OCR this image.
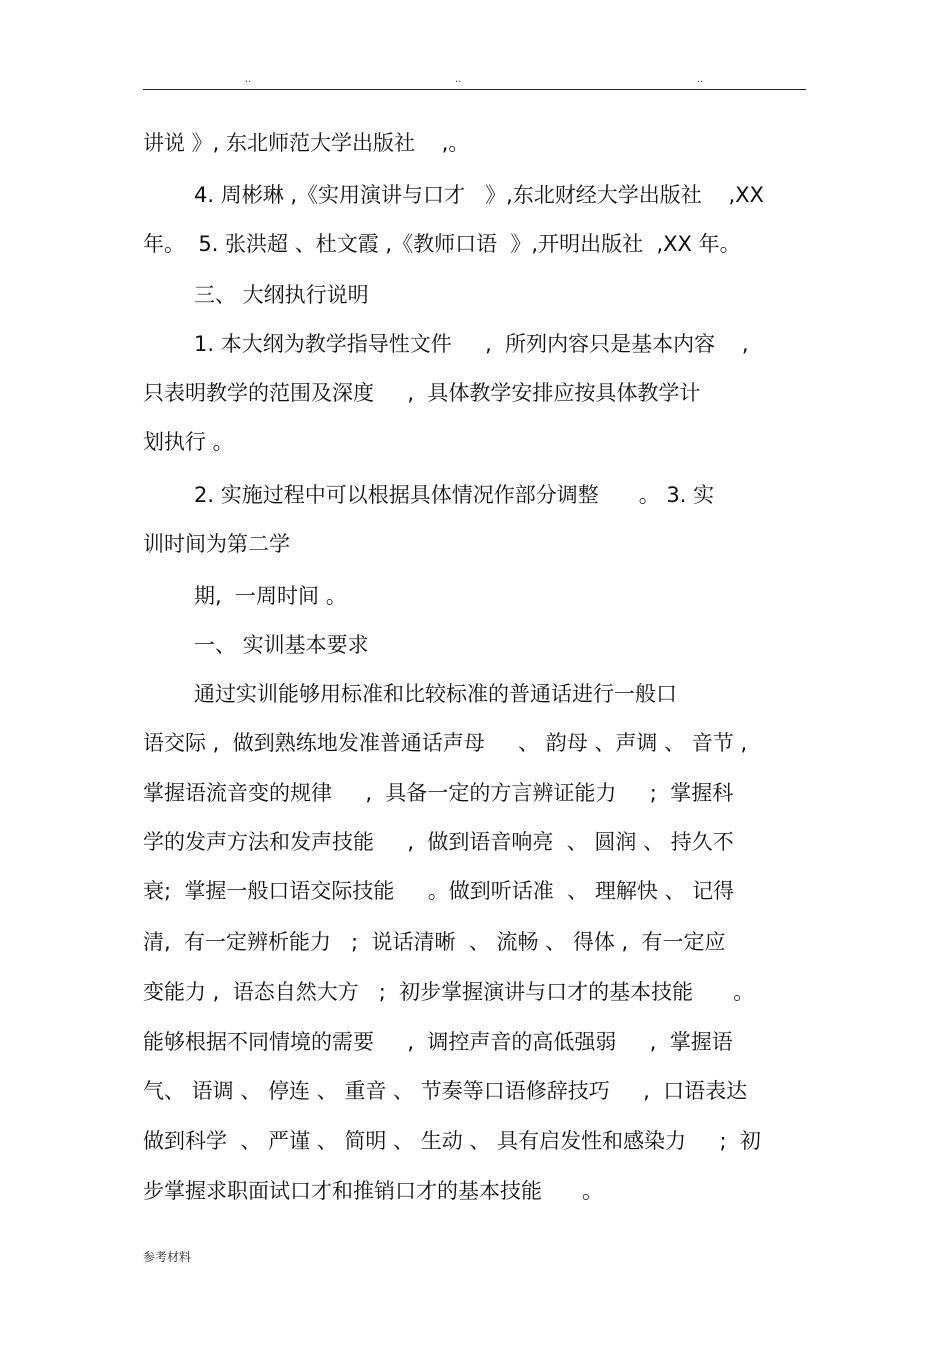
..	..	..
讲说 》, 东北师范大学出版社    ,。
4. 周彬琳 ,《实用演讲与口才   》,东北财经大学出版社    ,XX
年。  5. 张洪超 、杜文霞 ,《教师口语  》,开明出版社  ,XX 年。
三、 大纲执行说明
1. 本大纲为教学指导性文件     ,  所列内容只是基本内容    ,
只表明教学的范围及深度     ,  具体教学安排应按具体教学计
划执行 。
2. 实施过程中可以根据具体情况作部分调整      。 3. 实
训时间为第二学
期,  一周时间 。
一、 实训基本要求
通过实训能够用标准和比较标准的普通话进行一般口
语交际 ,  做到熟练地发准普通话声母     、 韵母 、声调 、 音节 ,
掌握语流音变的规律     ,  具备一定的方言辨证能力     ;  掌握科
学的发声方法和发声技能     ,  做到语音响亮  、 圆润 、 持久不
衰;  掌握一般口语交际技能     。做到听话准  、 理解快 、 记得
清,  有一定辨析能力   ;  说话清晰  、 流畅 、 得体 ,  有一定应
变能力 ,  语态自然大方   ;  初步掌握演讲与口才的基本技能      。
能够根据不同情境的需要     ,  调控声音的高低强弱     ,  掌握语
气、 语调 、 停连 、 重音 、 节奏等口语修辞技巧     ,  口语表达
做到科学  、 严谨 、 简明 、 生动 、 具有启发性和感染力     ;  初
步掌握求职面试口才和推销口才的基本技能      。
参考材料
